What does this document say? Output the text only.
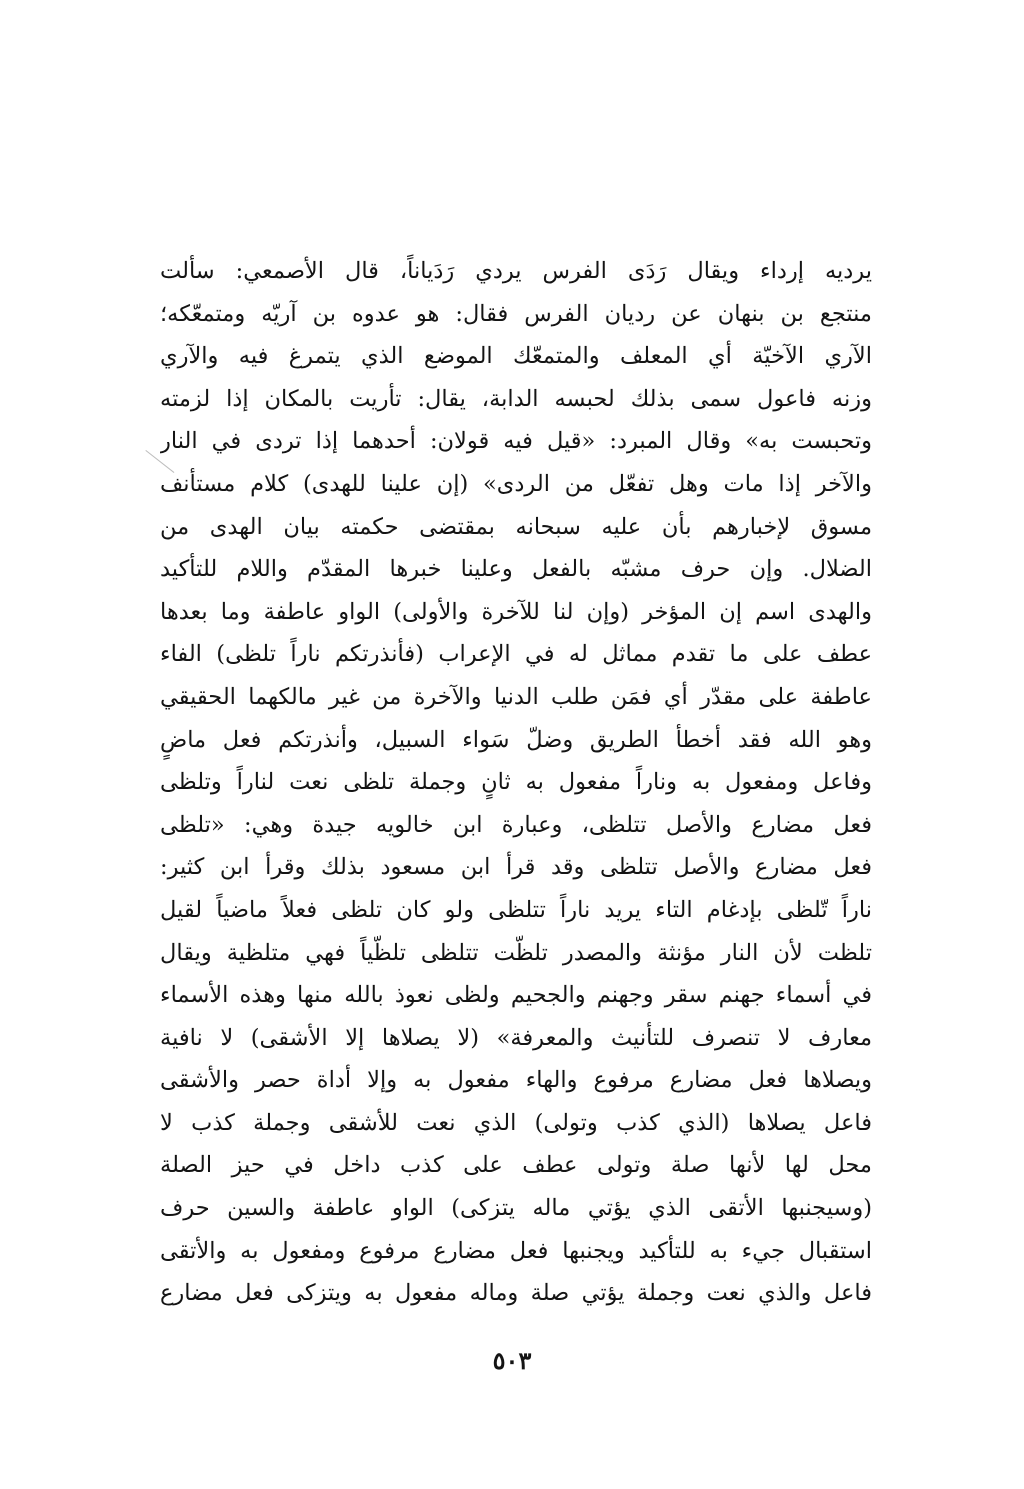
يرديه إرداء ويقال رَدَى الفرس يردي رَدَياناً، قال الأصمعي: سألت
منتجع بن بنهان عن رديان الفرس فقال: هو عدوه بن آريّه ومتمعّكه؛
الآري الآخيّة أي المعلف والمتمعّك الموضع الذي يتمرغ فيه والآري
وزنه فاعول سمى بذلك لحبسه الدابة، يقال: تأريت بالمكان إذا لزمته
وتحبست به» وقال المبرد: «قيل فيه قولان: أحدهما إذا تردى في النار
والآخر إذا مات وهل تفعّل من الردى» (إن علينا للهدى) كلام مستأنف
مسوق لإخبارهم بأن عليه سبحانه بمقتضى حكمته بيان الهدى من
الضلال. وإن حرف مشبّه بالفعل وعلينا خبرها المقدّم واللام للتأكيد
والهدى اسم إن المؤخر (وإن لنا للآخرة والأولى) الواو عاطفة وما بعدها
عطف على ما تقدم مماثل له في الإعراب (فأنذرتكم ناراً تلظى) الفاء
عاطفة على مقدّر أي فمَن طلب الدنيا والآخرة من غير مالكهما الحقيقي
وهو الله فقد أخطأ الطريق وضلّ سَواء السبيل، وأنذرتكم فعل ماضٍ
وفاعل ومفعول به وناراً مفعول به ثانٍ وجملة تلظى نعت لناراً وتلظى
فعل مضارع والأصل تتلظى، وعبارة ابن خالويه جيدة وهي: «تلظى
فعل مضارع والأصل تتلظى وقد قرأ ابن مسعود بذلك وقرأ ابن كثير:
ناراً تّلظى بإدغام التاء يريد ناراً تتلظى ولو كان تلظى فعلاً ماضياً لقيل
تلظت لأن النار مؤنثة والمصدر تلظّت تتلظى تلظّياً فهي متلظية ويقال
في أسماء جهنم سقر وجهنم والجحيم ولظى نعوذ بالله منها وهذه الأسماء
معارف لا تنصرف للتأنيث والمعرفة» (لا يصلاها إلا الأشقى) لا نافية
ويصلاها فعل مضارع مرفوع والهاء مفعول به وإلا أداة حصر والأشقى
فاعل يصلاها (الذي كذب وتولى) الذي نعت للأشقى وجملة كذب لا
محل لها لأنها صلة وتولى عطف على كذب داخل في حيز الصلة
(وسيجنبها الأتقى الذي يؤتي ماله يتزكى) الواو عاطفة والسين حرف
استقبال جيء به للتأكيد ويجنبها فعل مضارع مرفوع ومفعول به والأتقى
فاعل والذي نعت وجملة يؤتي صلة وماله مفعول به ويتزكى فعل مضارع
٥٠٣
